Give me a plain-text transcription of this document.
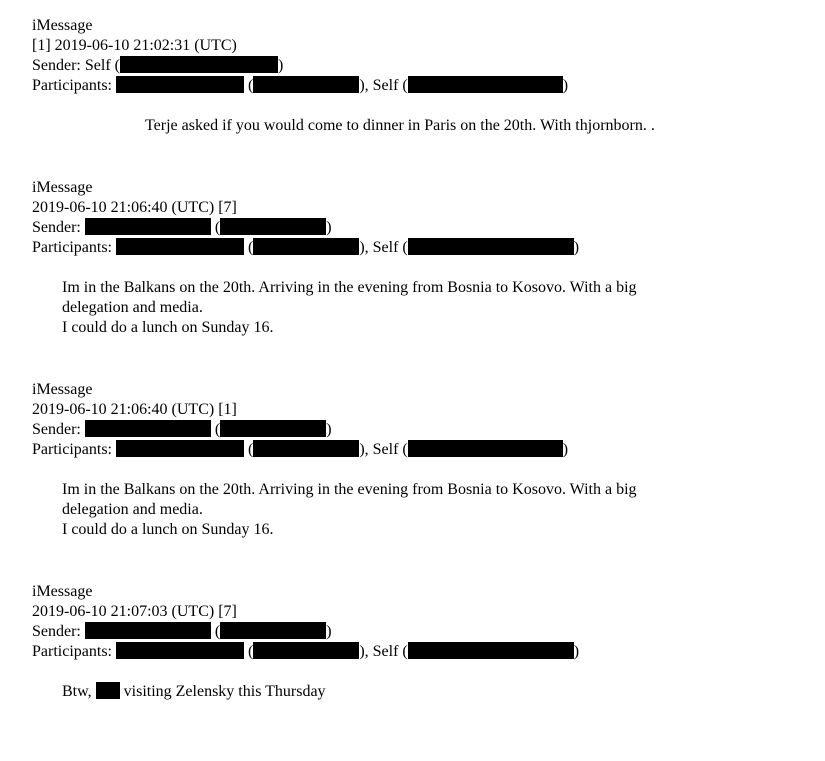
iMessage
[1] 2019-06-10 21:02:31 (UTC)
Sender: Self (	)
Participants:	(	), Self (	)
Terje asked if you would come to dinner in Paris on the 20th. With thjornborn. .
iMessage
2019-06-10 21:06:40 (UTC) [7]
Sender:	(	)
Participants:	(	), Self (	)
Im in the Balkans on the 20th. Arriving in the evening from Bosnia to Kosovo. With a big
delegation and media.
I could do a lunch on Sunday 16.
iMessage
2019-06-10 21:06:40 (UTC) [1]
Sender:	(	)
Participants:	(	), Self (	)
Im in the Balkans on the 20th. Arriving in the evening from Bosnia to Kosovo. With a big
delegation and media.
I could do a lunch on Sunday 16.
iMessage
2019-06-10 21:07:03 (UTC) [7]
Sender:	(	)
Participants:	(	), Self (	)
Btw, visiting Zelensky this Thursday
